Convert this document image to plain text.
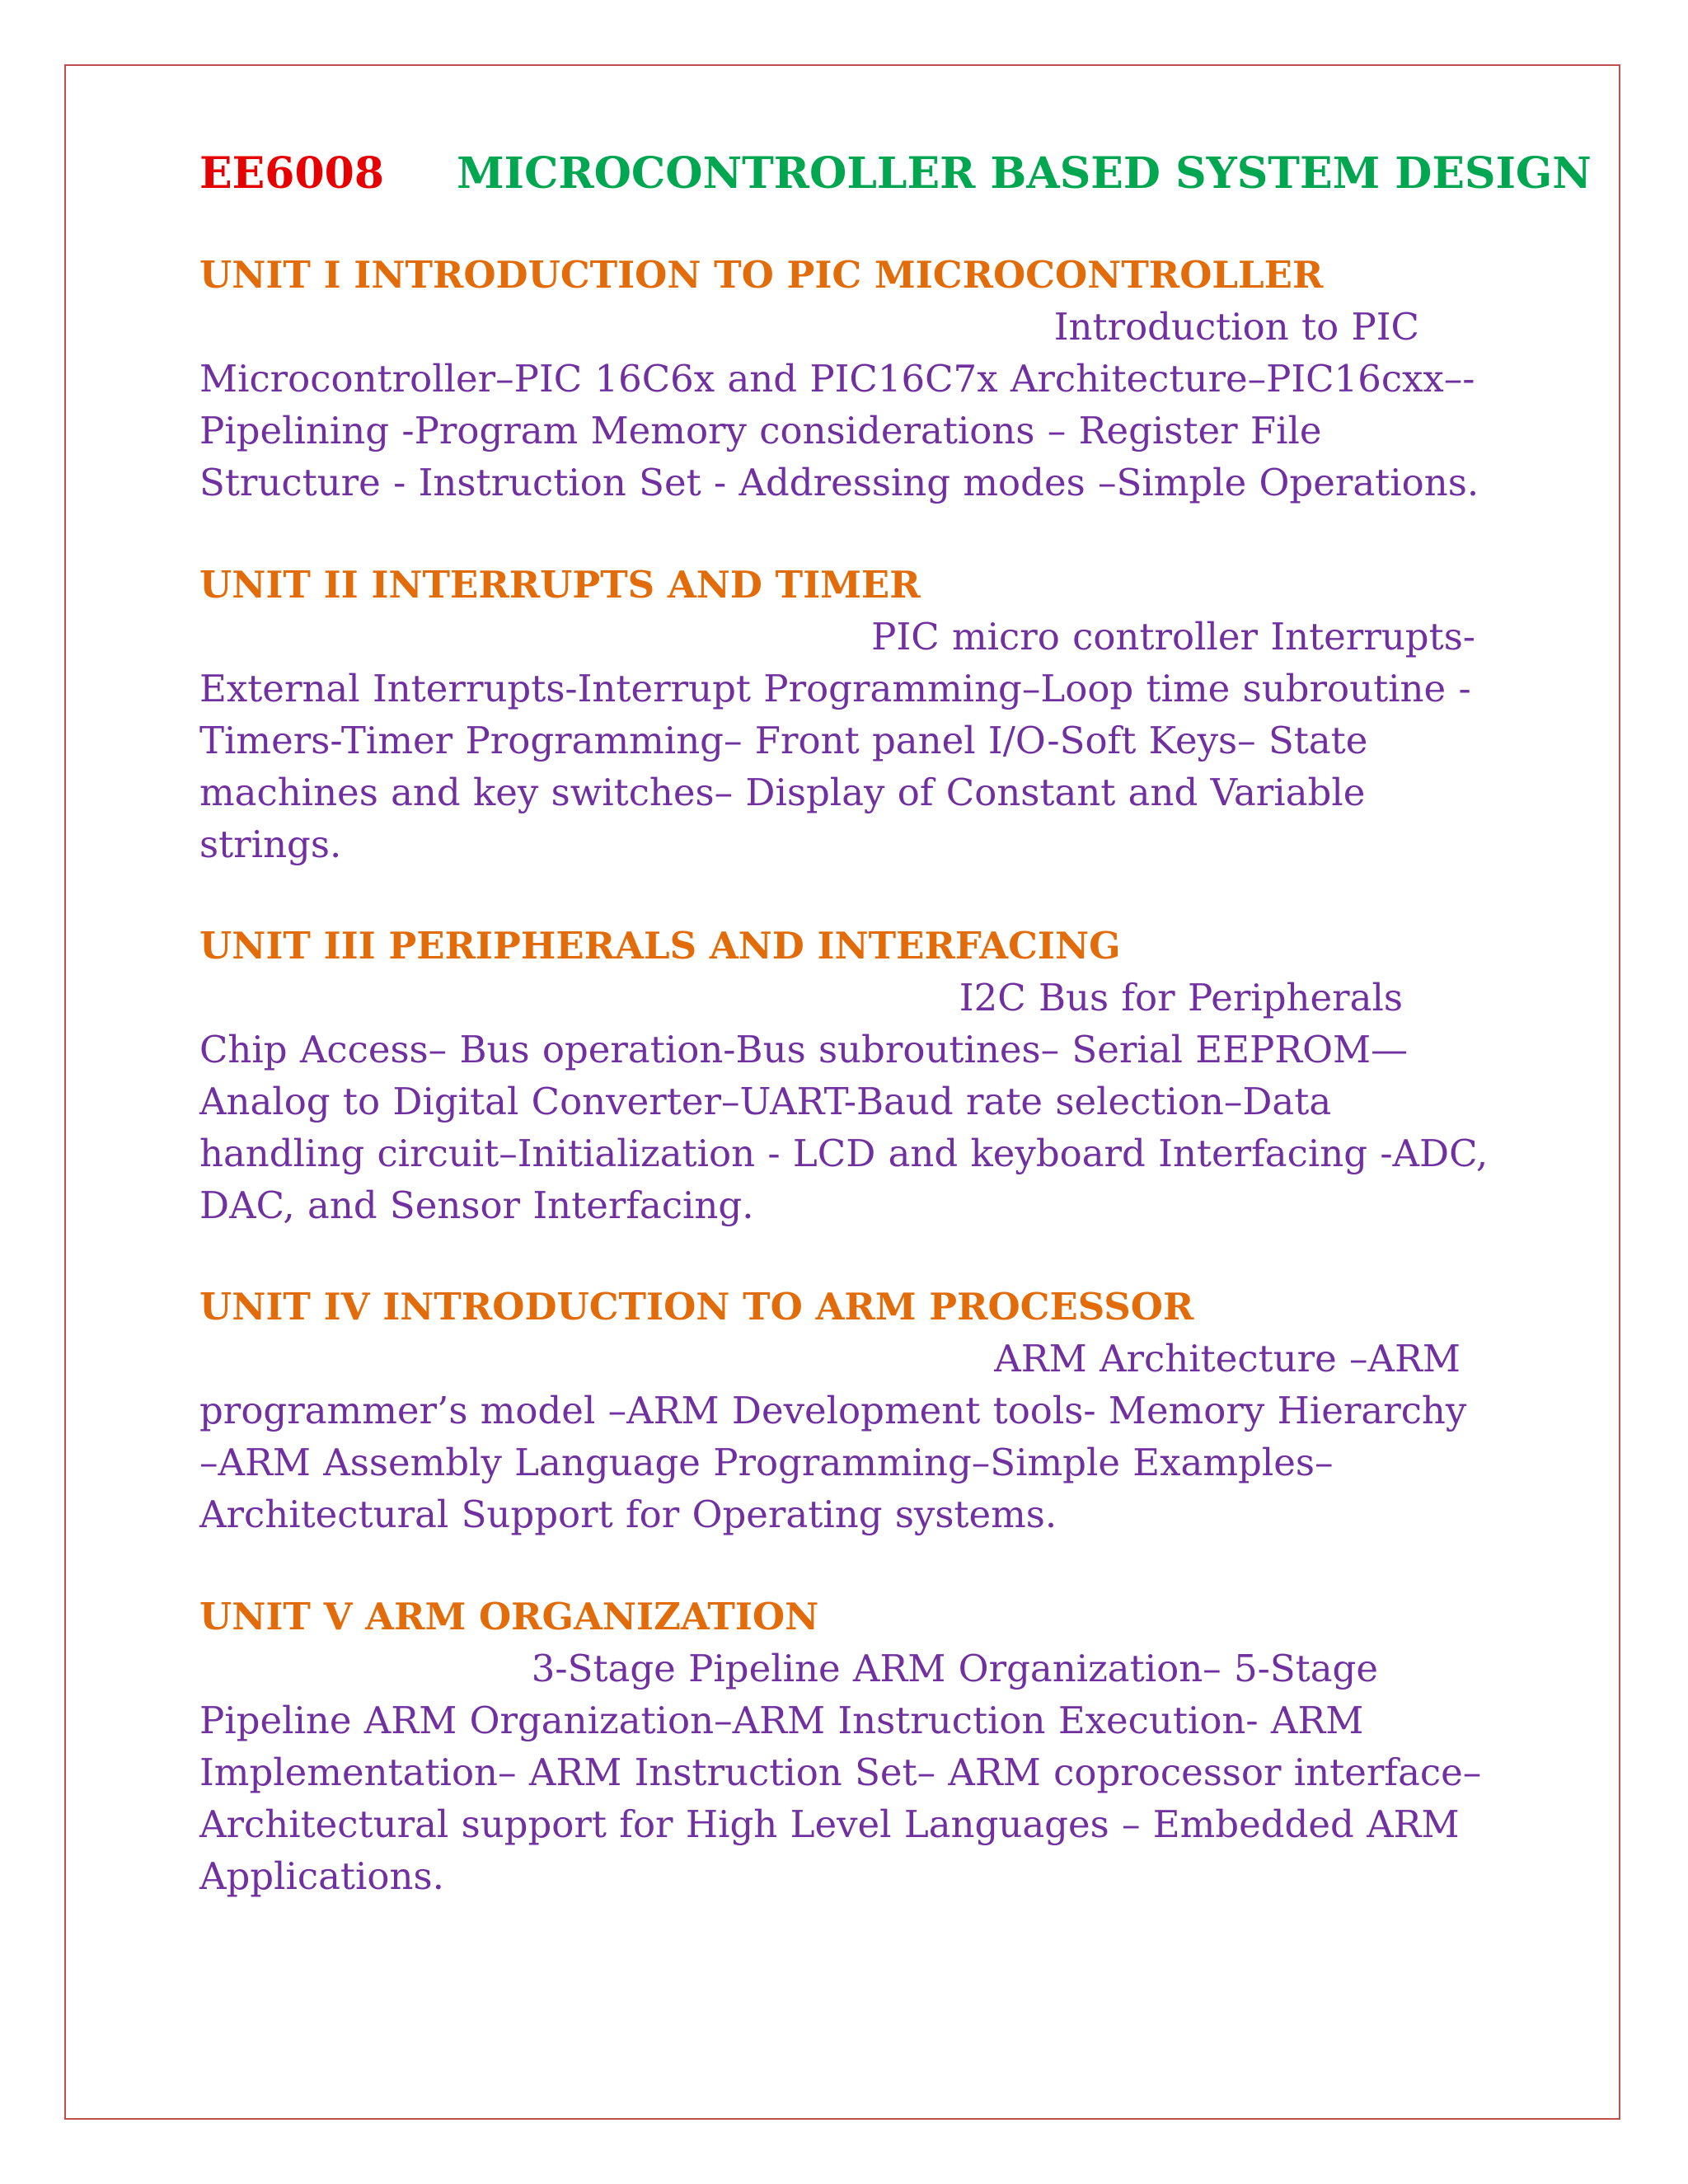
EE6008 MICROCONTROLLER BASED SYSTEM DESIGN
UNIT I INTRODUCTION TO PIC MICROCONTROLLER
Introduction to PIC
Microcontroller–PIC 16C6x and PIC16C7x Architecture–PIC16cxx–-
Pipelining -Program Memory considerations – Register File
Structure - Instruction Set - Addressing modes –Simple Operations.
UNIT II INTERRUPTS AND TIMER
PIC micro controller Interrupts-
External Interrupts-Interrupt Programming–Loop time subroutine -
Timers-Timer Programming– Front panel I/O-Soft Keys– State
machines and key switches– Display of Constant and Variable
strings.
UNIT III PERIPHERALS AND INTERFACING
I2C Bus for Peripherals
Chip Access– Bus operation-Bus subroutines– Serial EEPROM—
Analog to Digital Converter–UART-Baud rate selection–Data
handling circuit–Initialization - LCD and keyboard Interfacing -ADC,
DAC, and Sensor Interfacing.
UNIT IV INTRODUCTION TO ARM PROCESSOR
ARM Architecture –ARM
programmer’s model –ARM Development tools- Memory Hierarchy
–ARM Assembly Language Programming–Simple Examples–
Architectural Support for Operating systems.
UNIT V ARM ORGANIZATION
3-Stage Pipeline ARM Organization– 5-Stage
Pipeline ARM Organization–ARM Instruction Execution- ARM
Implementation– ARM Instruction Set– ARM coprocessor interface–
Architectural support for High Level Languages – Embedded ARM
Applications.
